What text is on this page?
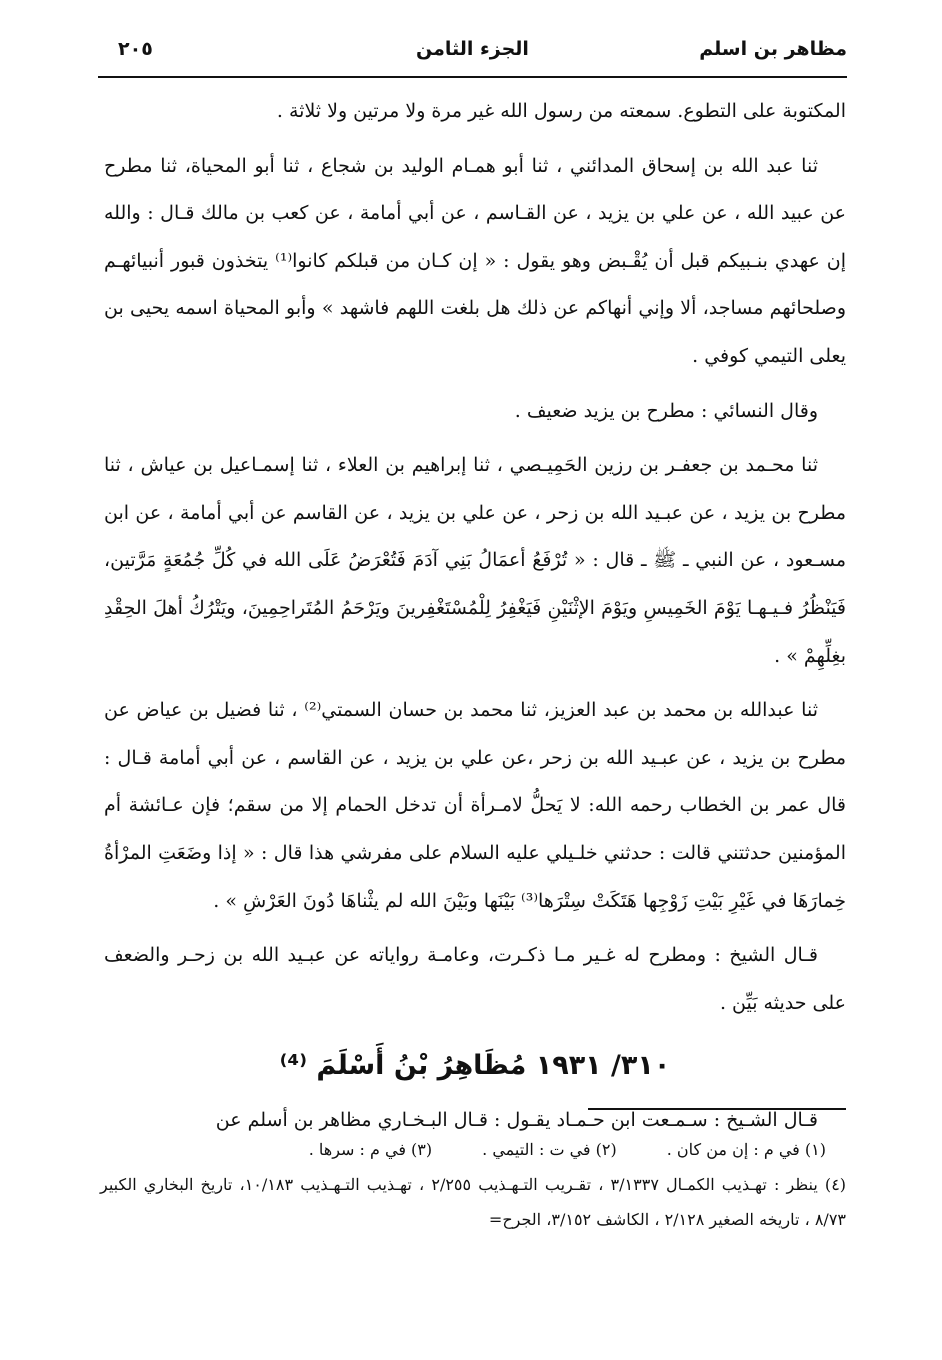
مظاهر بن اسلم
الجزء الثامن
٢٠٥

المكتوبة على التطوع. سمعته من رسول الله غير مرة ولا مرتين ولا ثلاثة .

ثنا عبد الله بن إسحاق المدائني ، ثنا أبو همـام الوليد بن شجاع ، ثنا أبو المحياة، ثنا مطرح عن عبيد الله ، عن علي بن يزيد ، عن القـاسم ، عن أبي أمامة ، عن كعب بن مالك قـال : والله إن عهدي بنـبيكم قبل أن يُقْـبض وهو يقول : « إن كـان من قبلكم كانوا⁽¹⁾ يتخذون قبور أنبيائهـم وصلحائهم مساجد، ألا وإني أنهاكم عن ذلك هل بلغت اللهم فاشهد » وأبو المحياة اسمه يحيى بن يعلى التيمي كوفي .

وقال النسائي : مطرح بن يزيد ضعيف .

ثنا محـمد بن جعفـر بن رزين الحَمِيـصي ، ثنا إبراهيم بن العلاء ، ثنا إسمـاعيل بن عياش ، ثنا مطرح بن يزيد ، عن عبـيد الله بن زحر ، عن علي بن يزيد ، عن القاسم عن أبي أمامة ، عن ابن مسـعود ، عن النبي ـ ﷺ ـ قال : « تُرْفَعُ أعمَالُ بَنِي آدَمَ فَتُعْرَضُ عَلَى الله في كُلِّ جُمُعَةٍ مَرَّتين، فَيَنْظُرُ فـيـهـا يَوْمَ الخَمِيسِ ويَوْمَ الإثْنَيْنِ فَيَغْفِرُ لِلْمُسْتَغْفِرينَ ويَرْحَمُ المُتَراحِمِينَ، ويَتْرُكُ أهلَ الحِقْدِ بغِلِّهِمْ » .

ثنا عبدالله بن محمد بن عبد العزيز، ثنا محمد بن حسان السمتي⁽²⁾ ، ثنا فضيل بن عياض عن مطرح بن يزيد ، عن عبـيد الله بن زحر ،عن علي بن يزيد ، عن القاسم ، عن أبي أمامة قـال : قال عمر بن الخطاب رحمه الله: لا يَحلُّ لامـرأة أن تدخل الحمام إلا من سقم؛ فإن عـائشة أم المؤمنين حدثتني قالت : حدثني خلـيلي عليه السلام على مفرشي هذا قال : « إذا وضَعَتِ المرْأةُ خِمارَهَا في غَيْرِ بَيْتِ زَوْجِها هَتَكَتْ سِتْرَها⁽³⁾ بَيْنَها وبَيْنَ الله لم يثْناهَا دُونَ العَرْشِ » .

قـال الشيخ : ومطرح له غـير مـا ذكـرت، وعامـة رواياته عن عبـيد الله بن زحـر والضعف على حديثه بَيِّن .

٣١٠/ ١٩٣١ مُظَاهِرُ بْنُ أَسْلَمَ ⁽⁴⁾

قـال الشـيخ : سـمـعت ابن حـمـاد يقـول : قـال البـخـاري مظاهر بن أسلم عن

(١) في م : إن من كان .
(٢) في ت : التيمي .
(٣) في م : سرها .

(٤) ينظر : تهـذيب الكمـال ٣/١٣٣٧ ، تقـريب التـهـذيب ٢/٢٥٥ ، تهـذيب التـهـذيب ١٠/١٨٣، تاريخ البخاري الكبير ٨/٧٣ ، تاريخه الصغير ٢/١٢٨ ، الكاشف ٣/١٥٢، الجرح=
